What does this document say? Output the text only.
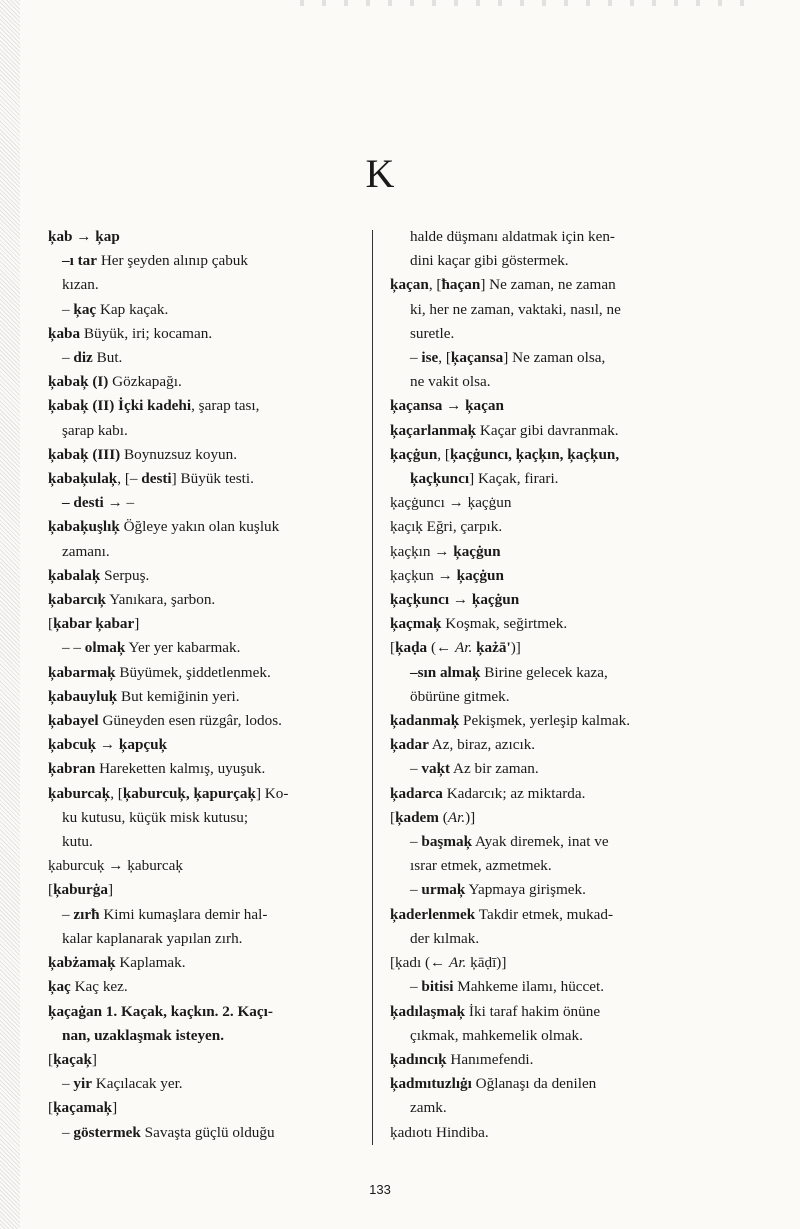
K
ķab → ķap
–ı tar Her şeyden alınıp çabuk
kızan.
– ķaç Kap kaçak.
ķaba Büyük, iri; kocaman.
– diz But.
ķabaķ (I) Gözkapağı.
ķabaķ (II) İçki kadehi, şarap tası,
şarap kabı.
ķabaķ (III) Boynuzsuz koyun.
ķabaķulaķ, [– desti] Büyük testi.
– desti → –
ķabaķuşlıķ Öğleye yakın olan kuşluk
zamanı.
ķabalaķ Serpuş.
ķabarcıķ Yanıkara, şarbon.
[ķabar ķabar]
– – olmaķ Yer yer kabarmak.
ķabarmaķ Büyümek, şiddetlenmek.
ķabauyluķ But kemiğinin yeri.
ķabayel Güneyden esen rüzgâr, lodos.
ķabcuķ → ķapçuķ
ķabran Hareketten kalmış, uyuşuk.
ķaburcaķ, [ķaburcuķ, ķapurçaķ] Ko-
ku kutusu, küçük misk kutusu;
kutu.
ķaburcuķ → ķaburcaķ
[ķaburġa]
– zırħ Kimi kumaşlara demir hal-
kalar kaplanarak yapılan zırh.
ķabżamaķ Kaplamak.
ķaç Kaç kez.
ķaçaġan 1. Kaçak, kaçkın. 2. Kaçı-
nan, uzaklaşmak isteyen.
[ķaçaķ]
– yir Kaçılacak yer.
[ķaçamaķ]
– göstermek Savaşta güçlü olduğu
halde düşmanı aldatmak için ken-
dini kaçar gibi göstermek.
ķaçan, [ħaçan] Ne zaman, ne zaman
ki, her ne zaman, vaktaki, nasıl, ne
suretle.
– ise, [ķaçansa] Ne zaman olsa,
ne vakit olsa.
ķaçansa → ķaçan
ķaçarlanmaķ Kaçar gibi davranmak.
ķaçġun, [ķaçġuncı, ķaçķın, ķaçķun,
ķaçķuncı] Kaçak, firari.
ķaçġuncı → ķaçġun
ķaçıķ Eğri, çarpık.
ķaçķın → ķaçġun
ķaçķun → ķaçġun
ķaçķuncı → ķaçġun
ķaçmaķ Koşmak, seğirtmek.
[ķaḍa (← Ar. ķażā')]
–sın almaķ Birine gelecek kaza,
öbürüne gitmek.
ķadanmaķ Pekişmek, yerleşip kalmak.
ķadar Az, biraz, azıcık.
– vaķt Az bir zaman.
ķadarca Kadarcık; az miktarda.
[ķadem (Ar.)]
– başmaķ Ayak diremek, inat ve
ısrar etmek, azmetmek.
– urmaķ Yapmaya girişmek.
ķaderlenmek Takdir etmek, mukad-
der kılmak.
[ķadı (← Ar. ķāḍī)]
– bitisi Mahkeme ilamı, hüccet.
ķadılaşmaķ İki taraf hakim önüne
çıkmak, mahkemelik olmak.
ķadıncıķ Hanımefendi.
ķadmıtuzlıġı Oğlanaşı da denilen
zamk.
ķadıotı Hindiba.
133
